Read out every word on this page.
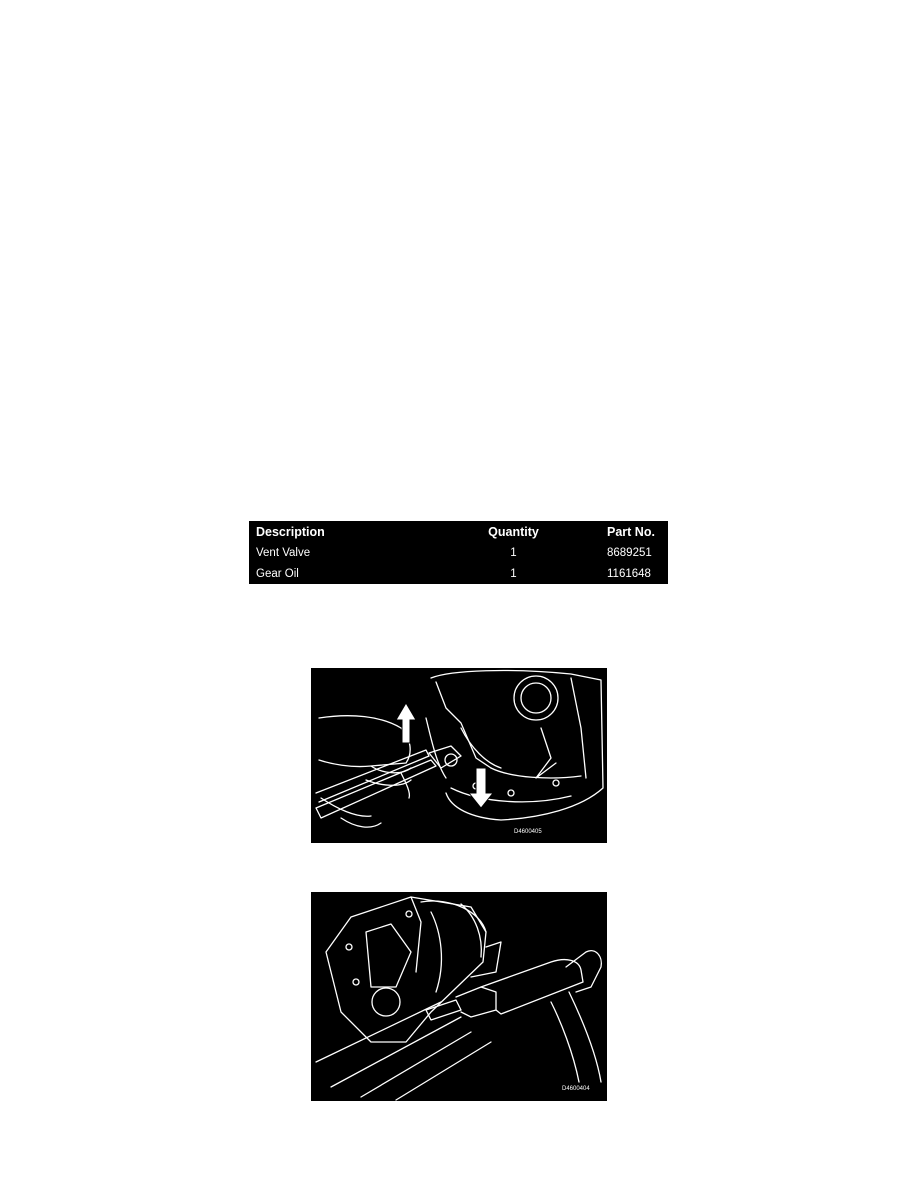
Description	Quantity	Part No.
Vent Valve	1	8689251
Gear Oil	1	1161648
D4600405
D4600404
